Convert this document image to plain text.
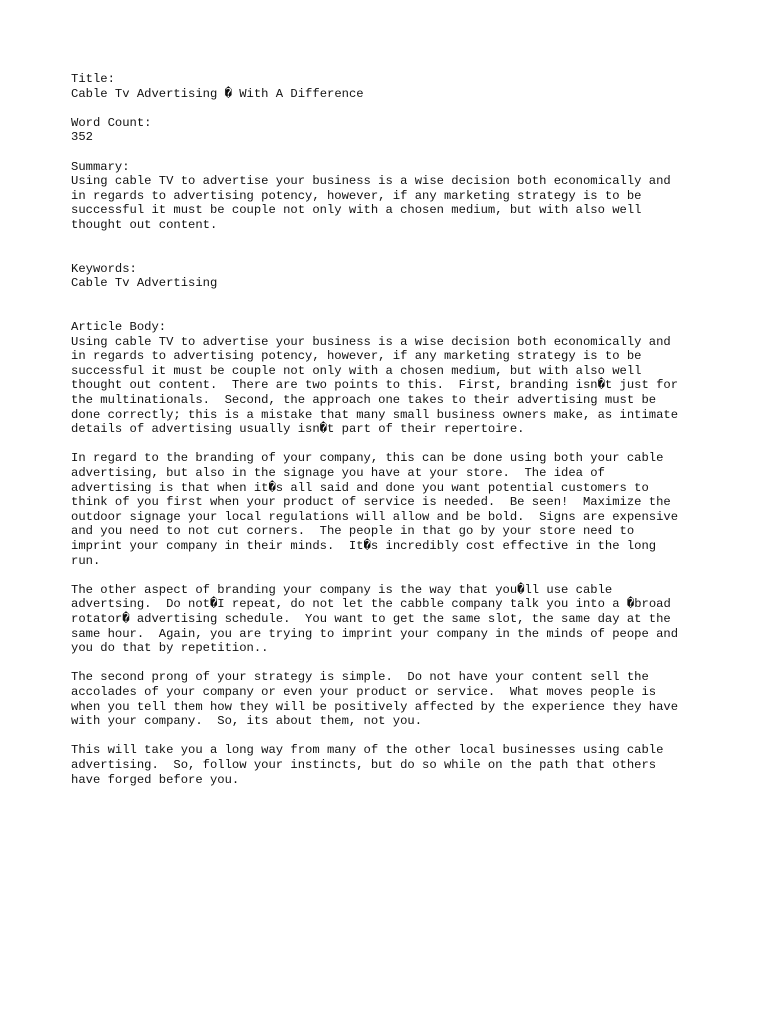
Title:
Cable Tv Advertising � With A Difference
Word Count:
352
Summary:
Using cable TV to advertise your business is a wise decision both economically and
in regards to advertising potency, however, if any marketing strategy is to be
successful it must be couple not only with a chosen medium, but with also well
thought out content.
Keywords:
Cable Tv Advertising
Article Body:
Using cable TV to advertise your business is a wise decision both economically and
in regards to advertising potency, however, if any marketing strategy is to be
successful it must be couple not only with a chosen medium, but with also well
thought out content.  There are two points to this.  First, branding isn�t just for
the multinationals.  Second, the approach one takes to their advertising must be
done correctly; this is a mistake that many small business owners make, as intimate
details of advertising usually isn�t part of their repertoire.
In regard to the branding of your company, this can be done using both your cable
advertising, but also in the signage you have at your store.  The idea of
advertising is that when it�s all said and done you want potential customers to
think of you first when your product of service is needed.  Be seen!  Maximize the
outdoor signage your local regulations will allow and be bold.  Signs are expensive
and you need to not cut corners.  The people in that go by your store need to
imprint your company in their minds.  It�s incredibly cost effective in the long
run.
The other aspect of branding your company is the way that you�ll use cable
advertsing.  Do not�I repeat, do not let the cabble company talk you into a �broad
rotator� advertising schedule.  You want to get the same slot, the same day at the
same hour.  Again, you are trying to imprint your company in the minds of peope and
you do that by repetition..
The second prong of your strategy is simple.  Do not have your content sell the
accolades of your company or even your product or service.  What moves people is
when you tell them how they will be positively affected by the experience they have
with your company.  So, its about them, not you.
This will take you a long way from many of the other local businesses using cable
advertising.  So, follow your instincts, but do so while on the path that others
have forged before you.
